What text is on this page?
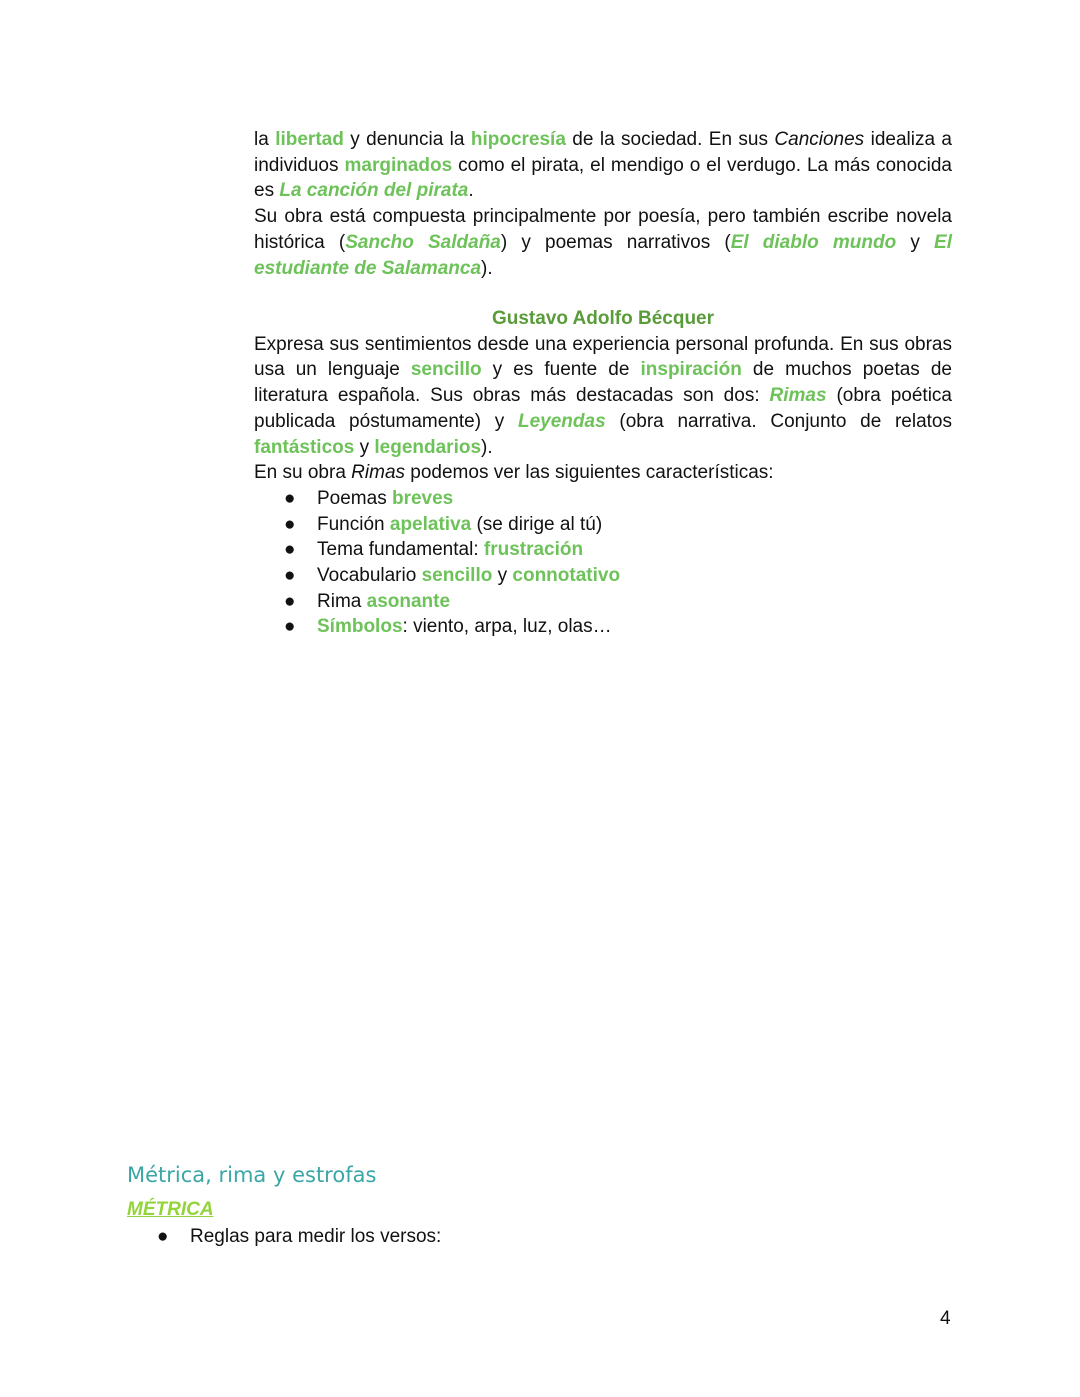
la libertad y denuncia la hipocresía de la sociedad. En sus Canciones idealiza a individuos marginados como el pirata, el mendigo o el verdugo. La más conocida es La canción del pirata.

Su obra está compuesta principalmente por poesía, pero también escribe novela histórica (Sancho Saldaña) y poemas narrativos (El diablo mundo y El estudiante de Salamanca).

Gustavo Adolfo Bécquer

Expresa sus sentimientos desde una experiencia personal profunda. En sus obras usa un lenguaje sencillo y es fuente de inspiración de muchos poetas de literatura española. Sus obras más destacadas son dos: Rimas (obra poética publicada póstumamente) y Leyendas (obra narrativa. Conjunto de relatos fantásticos y legendarios).

En su obra Rimas podemos ver las siguientes características:

● Poemas breves
● Función apelativa (se dirige al tú)
● Tema fundamental: frustración
● Vocabulario sencillo y connotativo
● Rima asonante
● Símbolos: viento, arpa, luz, olas…
Métrica, rima y estrofas
MÉTRICA
● Reglas para medir los versos:
4
